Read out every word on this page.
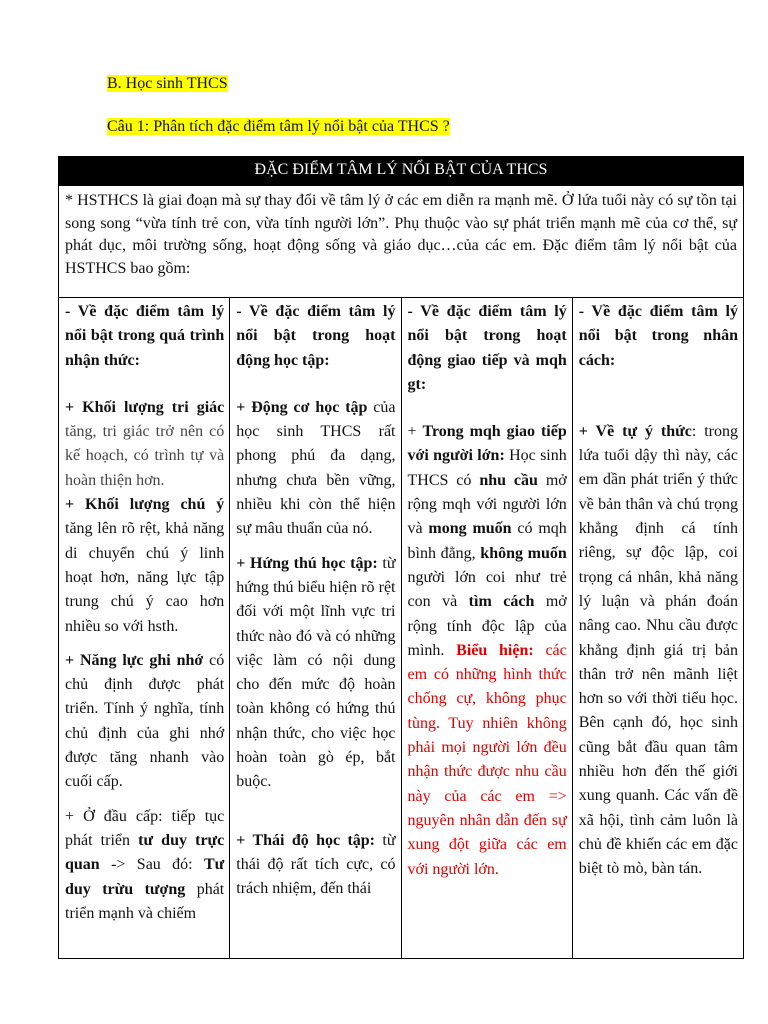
B. Học sinh THCS
Câu 1: Phân tích đặc điểm tâm lý nổi bật của THCS ?
ĐẶC ĐIỂM TÂM LÝ NỔI BẬT CỦA THCS
* HSTHCS là giai đoạn mà sự thay đổi về tâm lý ở các em diễn ra mạnh mẽ. Ở lứa tuổi này có sự tồn tại song song “vừa tính trẻ con, vừa tính người lớn”. Phụ thuộc vào sự phát triển mạnh mẽ của cơ thể, sự phát dục, môi trường sống, hoạt động sống và giáo dục…của các em. Đặc điểm tâm lý nổi bật của HSTHCS bao gồm:

- Về đặc điểm tâm lý nổi bật trong quá trình nhận thức:

+ Khối lượng tri giác tăng, tri giác trở nên có kế hoạch, có trình tự và hoàn thiện hơn.

+ Khối lượng chú ý tăng lên rõ rệt, khả năng di chuyển chú ý linh hoạt hơn, năng lực tập trung chú ý cao hơn nhiều so với hsth.

+ Năng lực ghi nhớ có chủ định được phát triển. Tính ý nghĩa, tính chủ định của ghi nhớ được tăng nhanh vào cuối cấp.

+ Ở đầu cấp: tiếp tục phát triển tư duy trực quan -> Sau đó: Tư duy trừu tượng phát triển mạnh và chiếm

- Về đặc điểm tâm lý nổi bật trong hoạt động học tập:

+ Động cơ học tập của học sinh THCS rất phong phú đa dạng, nhưng chưa bền vững, nhiều khi còn thể hiện sự mâu thuẩn của nó.

+ Hứng thú học tập: từ hứng thú biểu hiện rõ rệt đối với một lĩnh vực tri thức nào đó và có những việc làm có nội dung cho đến mức độ hoàn toàn không có hứng thú nhận thức, cho việc học hoàn toàn gò ép, bắt buộc.

+ Thái độ học tập: từ thái độ rất tích cực, có trách nhiệm, đến thái

- Về đặc điểm tâm lý nổi bật trong hoạt động giao tiếp và mqh gt:

+ Trong mqh giao tiếp với người lớn: Học sinh THCS có nhu cầu mở rộng mqh với người lớn và mong muốn có mqh bình đẳng, không muốn người lớn coi như trẻ con và tìm cách mở rộng tính độc lập của mình. Biểu hiện: các em có những hình thức chống cự, không phục tùng. Tuy nhiên không phải mọi người lớn đều nhận thức được nhu cầu này của các em => nguyên nhân dẫn đến sự xung đột giữa các em với người lớn.

- Về đặc điểm tâm lý nổi bật trong nhân cách:

+ Về tự ý thức: trong lứa tuổi dậy thì này, các em dần phát triển ý thức về bản thân và chú trọng khẳng định cá tính riêng, sự độc lập, coi trọng cá nhân, khả năng lý luận và phán đoán nâng cao. Nhu cầu được khẳng định giá trị bản thân trở nên mãnh liệt hơn so với thời tiểu học. Bên cạnh đó, học sinh cũng bắt đầu quan tâm nhiều hơn đến thế giới xung quanh. Các vấn đề xã hội, tình cảm luôn là chủ đề khiến các em đặc biệt tò mò, bàn tán.
